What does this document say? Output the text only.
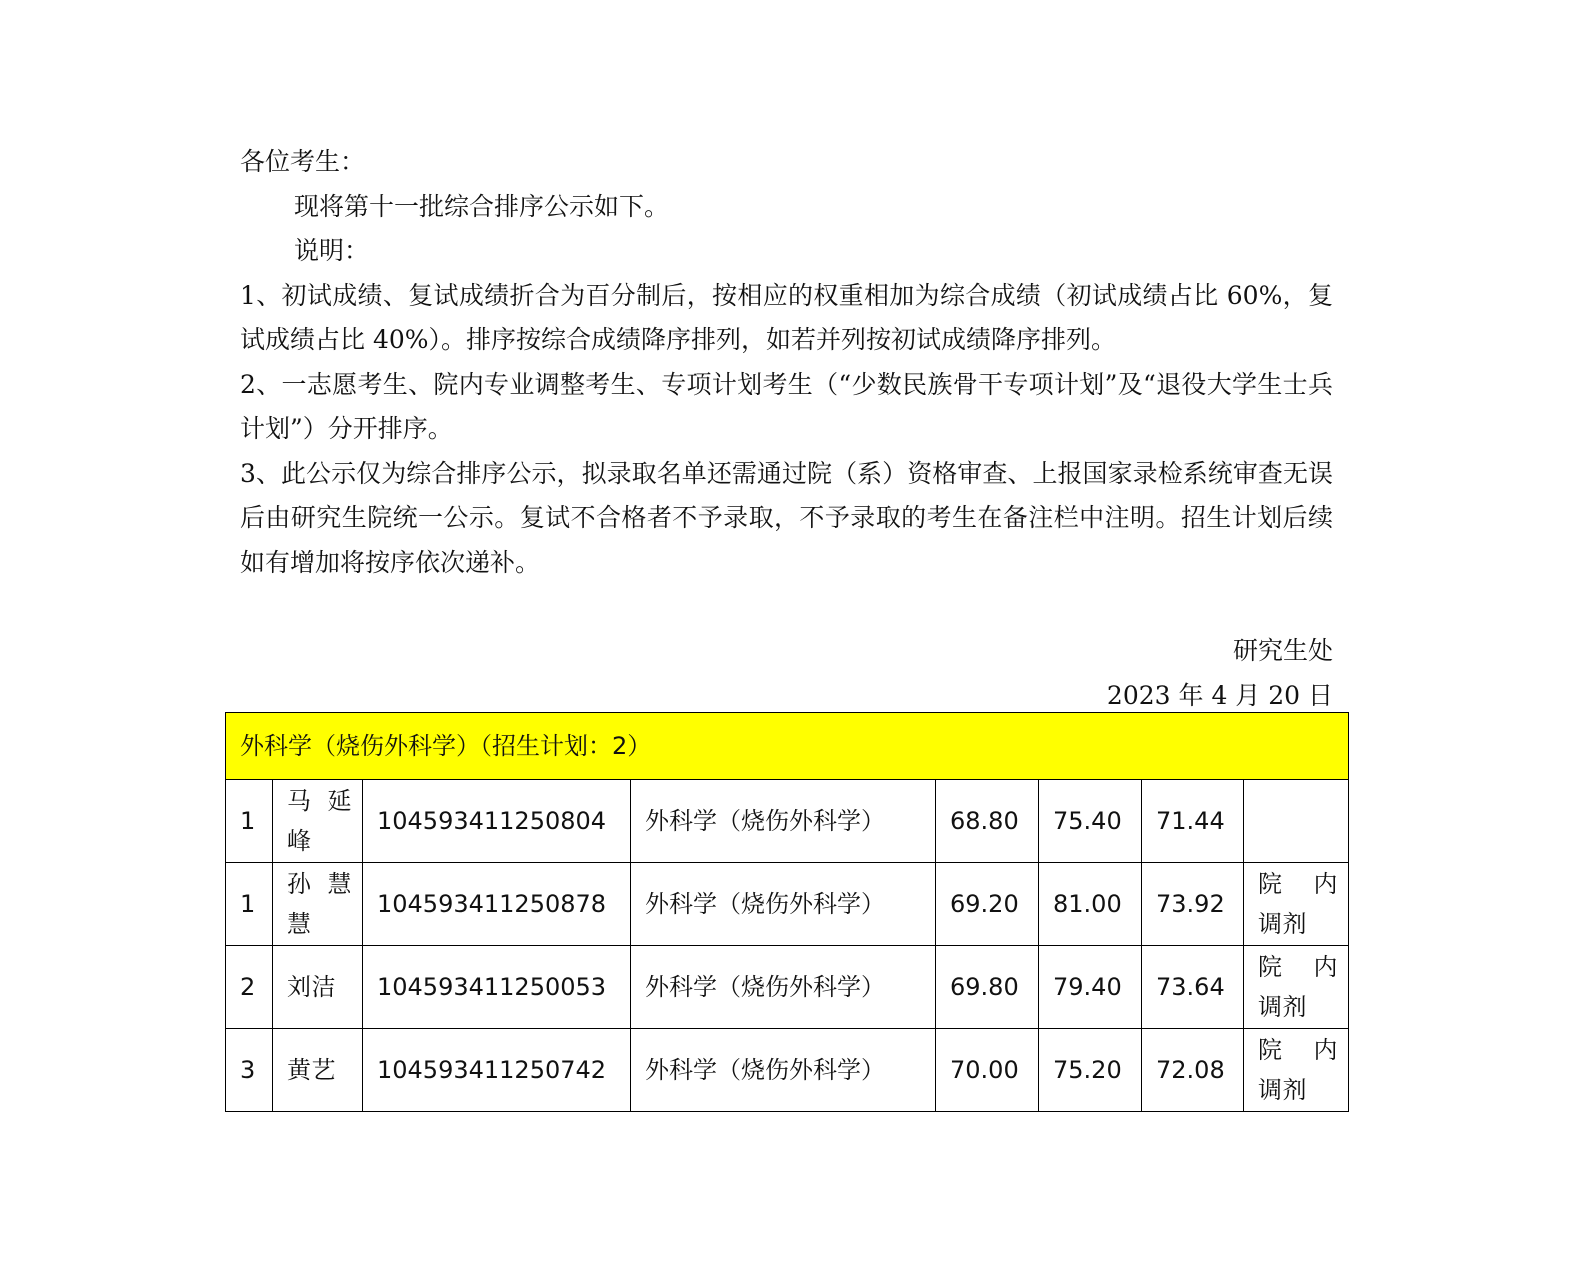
各位考生：

现将第十一批综合排序公示如下。

说明：

1、初试成绩、复试成绩折合为百分制后，按相应的权重相加为综合成绩（初试成绩占比 60%，复试成绩占比 40%）。排序按综合成绩降序排列，如若并列按初试成绩降序排列。

2、一志愿考生、院内专业调整考生、专项计划考生（“少数民族骨干专项计划”及“退役大学生士兵计划”）分开排序。

3、此公示仅为综合排序公示，拟录取名单还需通过院（系）资格审查、上报国家录检系统审查无误后由研究生院统一公示。复试不合格者不予录取，不予录取的考生在备注栏中注明。招生计划后续如有增加将按序依次递补。

研究生处

2023 年 4 月 20 日

外科学（烧伤外科学）（招生计划：2）							
1	马 延 峰	104593411250804	外科学（烧伤外科学）	68.80	75.40	71.44	
1	孙 慧 慧	104593411250878	外科学（烧伤外科学）	69.20	81.00	73.92	院 内 调剂
2	刘洁	104593411250053	外科学（烧伤外科学）	69.80	79.40	73.64	院 内 调剂
3	黄艺	104593411250742	外科学（烧伤外科学）	70.00	75.20	72.08	院 内 调剂
